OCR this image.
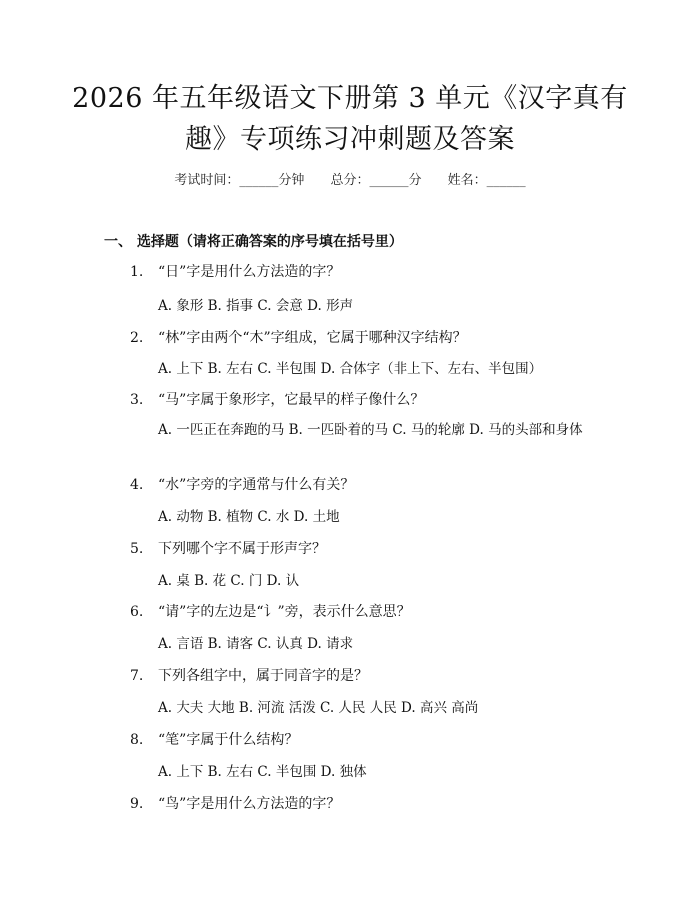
2026 年五年级语文下册第 3 单元《汉字真有趣》专项练习冲刺题及答案
考试时间：______分钟 总分：______分 姓名：______
一、 选择题（请将正确答案的序号填在括号里）
1. “日”字是用什么方法造的字？
A. 象形 B. 指事 C. 会意 D. 形声
2. “林”字由两个“木”字组成，它属于哪种汉字结构？
A. 上下 B. 左右 C. 半包围 D. 合体字（非上下、左右、半包围）
3. “马”字属于象形字，它最早的样子像什么？
A. 一匹正在奔跑的马 B. 一匹卧着的马 C. 马的轮廓 D. 马的头部和身体
4. “水”字旁的字通常与什么有关？
A. 动物 B. 植物 C. 水 D. 土地
5. 下列哪个字不属于形声字？
A. 桌 B. 花 C. 门 D. 认
6. “请”字的左边是“讠”旁，表示什么意思？
A. 言语 B. 请客 C. 认真 D. 请求
7. 下列各组字中，属于同音字的是？
A. 大夫 大地 B. 河流 活泼 C. 人民 人民 D. 高兴 高尚
8. “笔”字属于什么结构？
A. 上下 B. 左右 C. 半包围 D. 独体
9. “鸟”字是用什么方法造的字？
